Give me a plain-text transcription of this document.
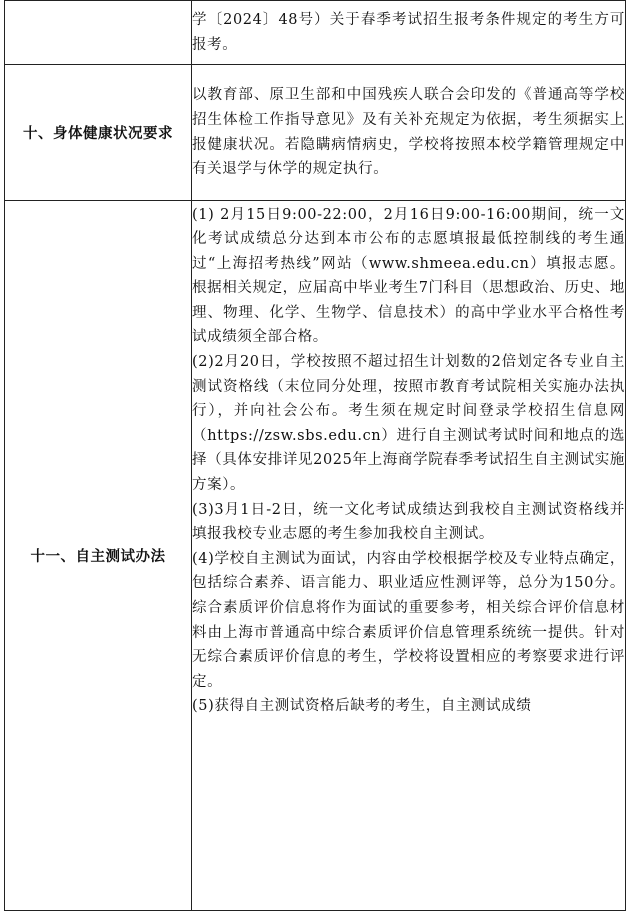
	学〔2024〕48号）关于春季考试招生报考条件规定的考生方可报考。

十、身体健康状况要求	以教育部、原卫生部和中国残疾人联合会印发的《普通高等学校招生体检工作指导意见》及有关补充规定为依据，考生须据实上报健康状况。若隐瞒病情病史，学校将按照本校学籍管理规定中有关退学与休学的规定执行。

十一、自主测试办法	(1) 2月15日9:00-22:00，2月16日9:00-16:00期间，统一文化考试成绩总分达到本市公布的志愿填报最低控制线的考生通过“上海招考热线”网站（www.shmeea.edu.cn）填报志愿。根据相关规定，应届高中毕业考生7门科目（思想政治、历史、地理、物理、化学、生物学、信息技术）的高中学业水平合格性考试成绩须全部合格。

(2)2月20日，学校按照不超过招生计划数的2倍划定各专业自主测试资格线（末位同分处理，按照市教育考试院相关实施办法执行），并向社会公布。考生须在规定时间登录学校招生信息网（https://zsw.sbs.edu.cn）进行自主测试考试时间和地点的选择（具体安排详见2025年上海商学院春季考试招生自主测试实施方案）。

(3)3月1日-2日，统一文化考试成绩达到我校自主测试资格线并填报我校专业志愿的考生参加我校自主测试。

(4)学校自主测试为面试，内容由学校根据学校及专业特点确定，包括综合素养、语言能力、职业适应性测评等，总分为150分。综合素质评价信息将作为面试的重要参考，相关综合评价信息材料由上海市普通高中综合素质评价信息管理系统统一提供。针对无综合素质评价信息的考生，学校将设置相应的考察要求进行评定。

(5)获得自主测试资格后缺考的考生，自主测试成绩
